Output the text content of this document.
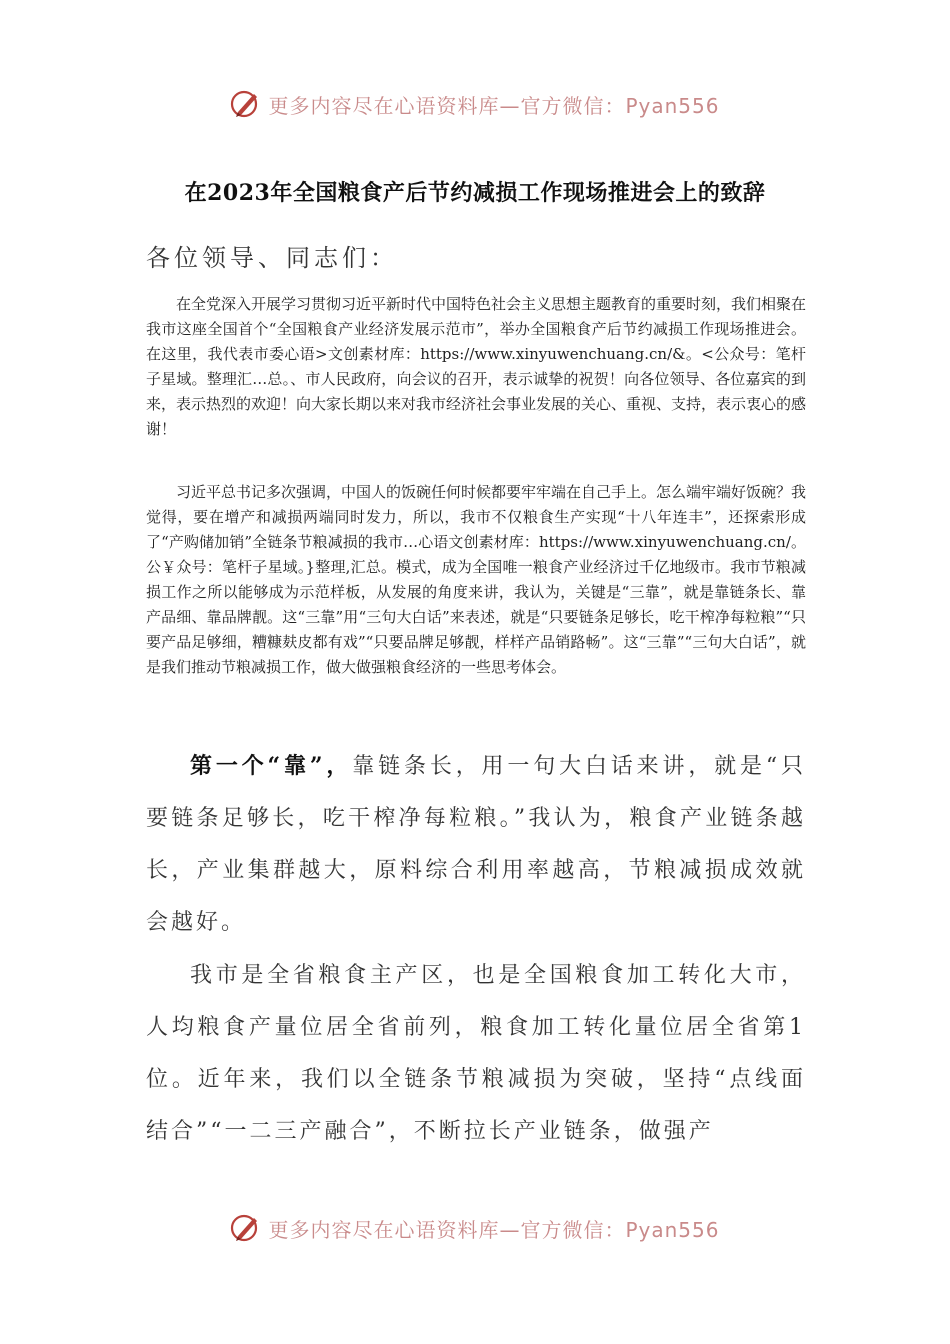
更多内容尽在心语资料库—官方微信：Pyan556
在2023年全国粮食产后节约减损工作现场推进会上的致辞
各位领导、同志们：

在全党深入开展学习贯彻习近平新时代中国特色社会主义思想主题教育的重要时刻，我们相聚在我市这座全国首个“全国粮食产业经济发展示范市”，举办全国粮食产后节约减损工作现场推进会。在这里，我代表市委心语>文创素材库：https://www.xinyuwenchuang.cn/&。<公众号：笔杆子星域。整理汇…总。、市人民政府，向会议的召开，表示诚挚的祝贺！向各位领导、各位嘉宾的到来，表示热烈的欢迎！向大家长期以来对我市经济社会事业发展的关心、重视、支持，表示衷心的感谢！

习近平总书记多次强调，中国人的饭碗任何时候都要牢牢端在自己手上。怎么端牢端好饭碗？我觉得，要在增产和减损两端同时发力，所以，我市不仅粮食生产实现“十八年连丰”，还探索形成了“产购储加销”全链条节粮减损的我市…心语文创素材库：https://www.xinyuwenchuang.cn/。公￥众号：笔杆子星域。}整理,汇总。模式，成为全国唯一粮食产业经济过千亿地级市。我市节粮减损工作之所以能够成为示范样板，从发展的角度来讲，我认为，关键是“三靠”，就是靠链条长、靠产品细、靠品牌靓。这“三靠”用“三句大白话”来表述，就是“只要链条足够长，吃干榨净每粒粮”“只要产品足够细，糟糠麸皮都有戏”“只要品牌足够靓，样样产品销路畅”。这“三靠”“三句大白话”，就是我们推动节粮减损工作，做大做强粮食经济的一些思考体会。

第一个“靠”，靠链条长，用一句大白话来讲，就是“只要链条足够长，吃干榨净每粒粮。”我认为，粮食产业链条越长，产业集群越大，原料综合利用率越高，节粮减损成效就会越好。

我市是全省粮食主产区，也是全国粮食加工转化大市，人均粮食产量位居全省前列，粮食加工转化量位居全省第1位。近年来，我们以全链条节粮减损为突破，坚持“点线面结合”“一二三产融合”，不断拉长产业链条，做强产

更多内容尽在心语资料库—官方微信：Pyan556
